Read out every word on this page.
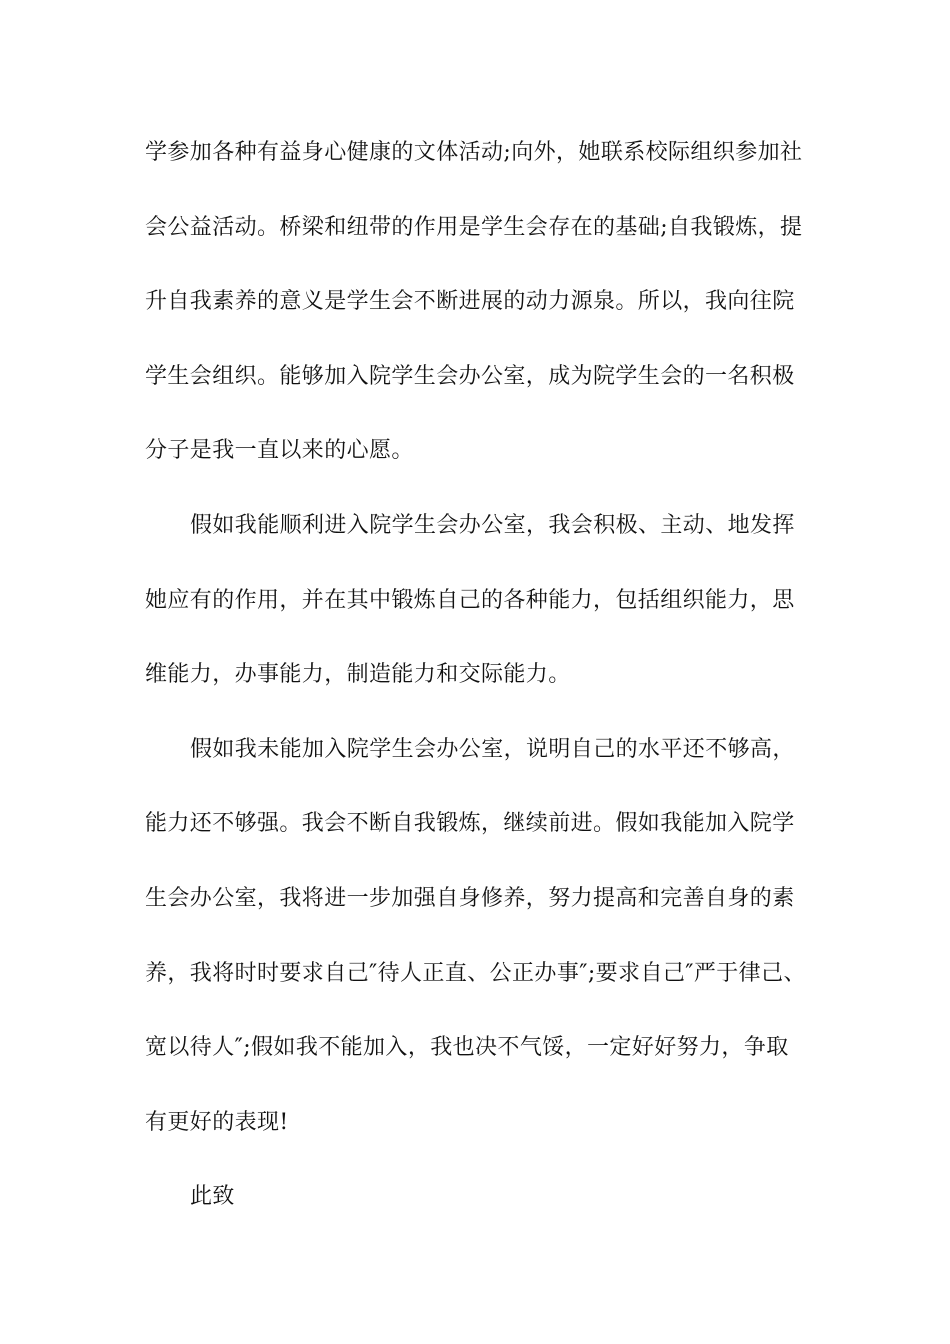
学参加各种有益身心健康的文体活动;向外，她联系校际组织参加社
会公益活动。桥梁和纽带的作用是学生会存在的基础;自我锻炼，提
升自我素养的意义是学生会不断进展的动力源泉。所以，我向往院
学生会组织。能够加入院学生会办公室，成为院学生会的一名积极
分子是我一直以来的心愿。
假如我能顺利进入院学生会办公室，我会积极、主动、地发挥
她应有的作用，并在其中锻炼自己的各种能力，包括组织能力，思
维能力，办事能力，制造能力和交际能力。
假如我未能加入院学生会办公室，说明自己的水平还不够高，
能力还不够强。我会不断自我锻炼，继续前进。假如我能加入院学
生会办公室，我将进一步加强自身修养，努力提高和完善自身的素
养，我将时时要求自己″待人正直、公正办事″;要求自己″严于律己、
宽以待人″;假如我不能加入，我也决不气馁，一定好好努力，争取
有更好的表现!
此致
